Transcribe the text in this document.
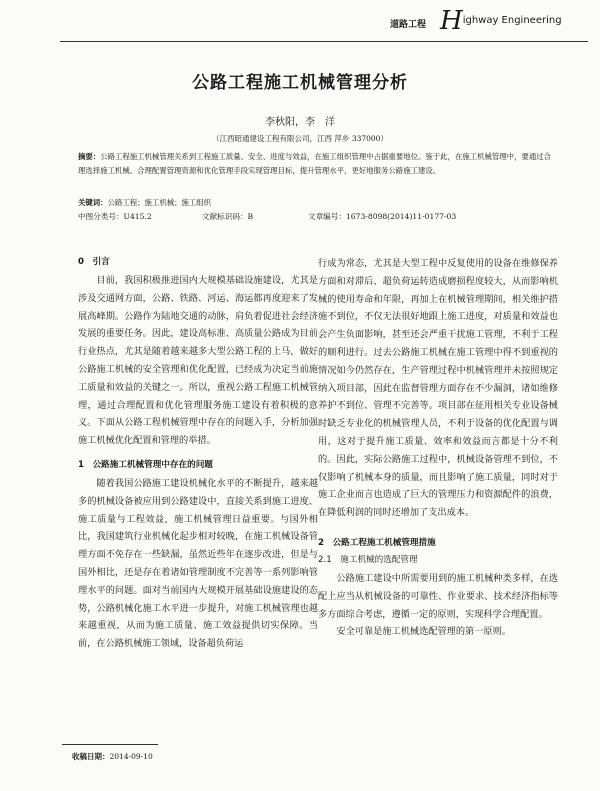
道路工程 Highway Engineering
公路工程施工机械管理分析
李秋阳，李　洋
（江西昭通建设工程有限公司，江西 萍乡 337000）
摘要：公路工程施工机械管理关系到工程施工质量、安全、进度与效益，在施工组织管理中占据重要地位。鉴于此，在施工机械管理中，要通过合理选择施工机械、合理配置管理资源和优化管理手段实现管理目标，提升管理水平，更好地服务公路施工建设。
关键词：公路工程；施工机械；施工组织
中图分类号：U415.2	文献标识码：B	文章编号：1673-8098(2014)11-0177-03
0　引言

目前，我国积极推进国内大规模基础设施建设，尤其是涉及交通网方面，公路、铁路、河运、海运都再度迎来了发展高峰期。公路作为陆地交通的动脉，肩负着促进社会经济发展的重要任务。因此，建设高标准、高质量公路成为目前行业热点，尤其是随着越来越多大型公路工程的上马，做好公路施工机械的安全管理和优化配置，已经成为决定当前施工质量和效益的关键之一。所以，重视公路工程施工机械管理，通过合理配置和优化管理服务施工建设有着积极的意义。下面从公路工程机械管理中存在的问题入手，分析加强施工机械优化配置和管理的举措。

1　公路施工机械管理中存在的问题

随着我国公路施工建设机械化水平的不断提升，越来越多的机械设备被应用到公路建设中，直接关系到施工进度、施工质量与工程效益，施工机械管理日益重要。与国外相比，我国建筑行业机械化起步相对较晚，在施工机械设备管理方面不免存在一些缺漏，虽然近些年在逐步改进，但是与国外相比，还是存在着诸如管理制度不完善等一系列影响管理水平的问题。面对当前国内大规模开展基础设施建设的态势，公路机械化施工水平进一步提升，对施工机械管理也越来越重视，从而为施工质量、施工效益提供切实保障。当前，在公路机械施工领域，设备超负荷运

行成为常态，尤其是大型工程中反复使用的设备在维修保养方面和对滞后、超负荷运转造成磨损程度较大，从而影响机械的使用寿命和年限，再加上在机械管理期间，相关维护措施不到位，不仅无法很好地跟上施工进度，对质量和效益也会产生负面影响，甚至还会严重干扰施工管理，不利于工程的顺利进行。过去公路施工机械在施工管理中得不到重视的情况如今仍然存在，生产管理过程中机械管理并未按照规定纳入项目部，因此在监督管理方面存在不少漏洞，诸如维修养护不到位、管理不完善等。项目部在征用相关专业设备械时缺乏专业化的机械管理人员，不利于设备的优化配置与调用，这对于提升施工质量、效率和效益而言都是十分不利的。因此，实际公路施工过程中，机械设备管理不到位，不仅影响了机械本身的质量，而且影响了施工质量，同时对于施工企业而言也造成了巨大的管理压力和资源配件的浪费，在降低利润的同时还增加了支出成本。

2　公路工程施工机械管理措施
2.1　施工机械的选配管理

公路施工建设中所需要用到的施工机械种类多样，在选配上应当从机械设备的可靠性、作业要求、技术经济指标等多方面综合考虑，遵循一定的原则，实现科学合理配置。

安全可靠是施工机械选配管理的第一原则。

收稿日期：2014-09-10
